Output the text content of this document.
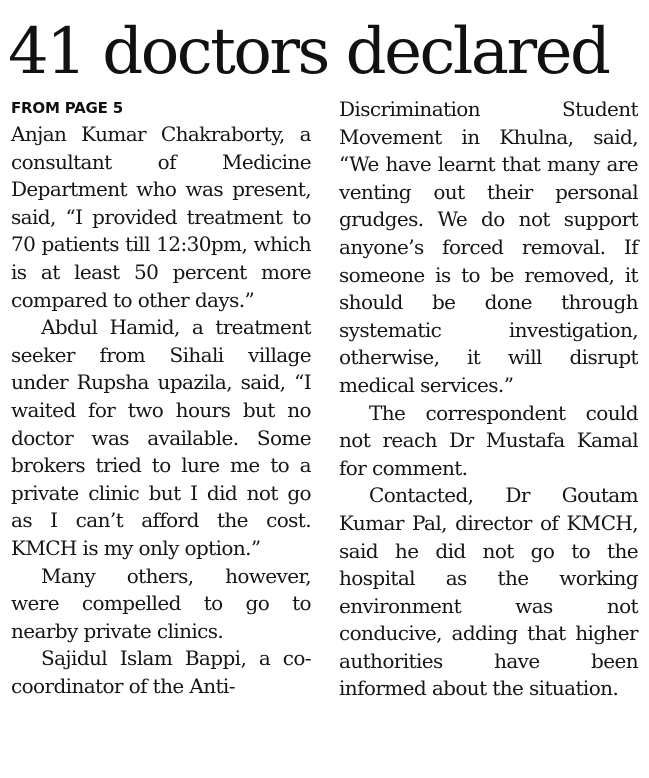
41 doctors declared
FROM PAGE 5

Anjan Kumar Chakraborty, a consultant of Medicine Department who was present, said, “I provided treatment to 70 patients till 12:30pm, which is at least 50 percent more compared to other days.”

Abdul Hamid, a treatment seeker from Sihali village under Rupsha upazila, said, “I waited for two hours but no doctor was available. Some brokers tried to lure me to a private clinic but I did not go as I can’t afford the cost. KMCH is my only option.”

Many others, however, were compelled to go to nearby private clinics.

Sajidul Islam Bappi, a co-coordinator of the Anti-

Discrimination Student Movement in Khulna, said, “We have learnt that many are venting out their personal grudges. We do not support anyone’s forced removal. If someone is to be removed, it should be done through systematic investigation, otherwise, it will disrupt medical services.”

The correspondent could not reach Dr Mustafa Kamal for comment.

Contacted, Dr Goutam Kumar Pal, director of KMCH, said he did not go to the hospital as the working environment was not conducive, adding that higher authorities have been informed about the situation.
